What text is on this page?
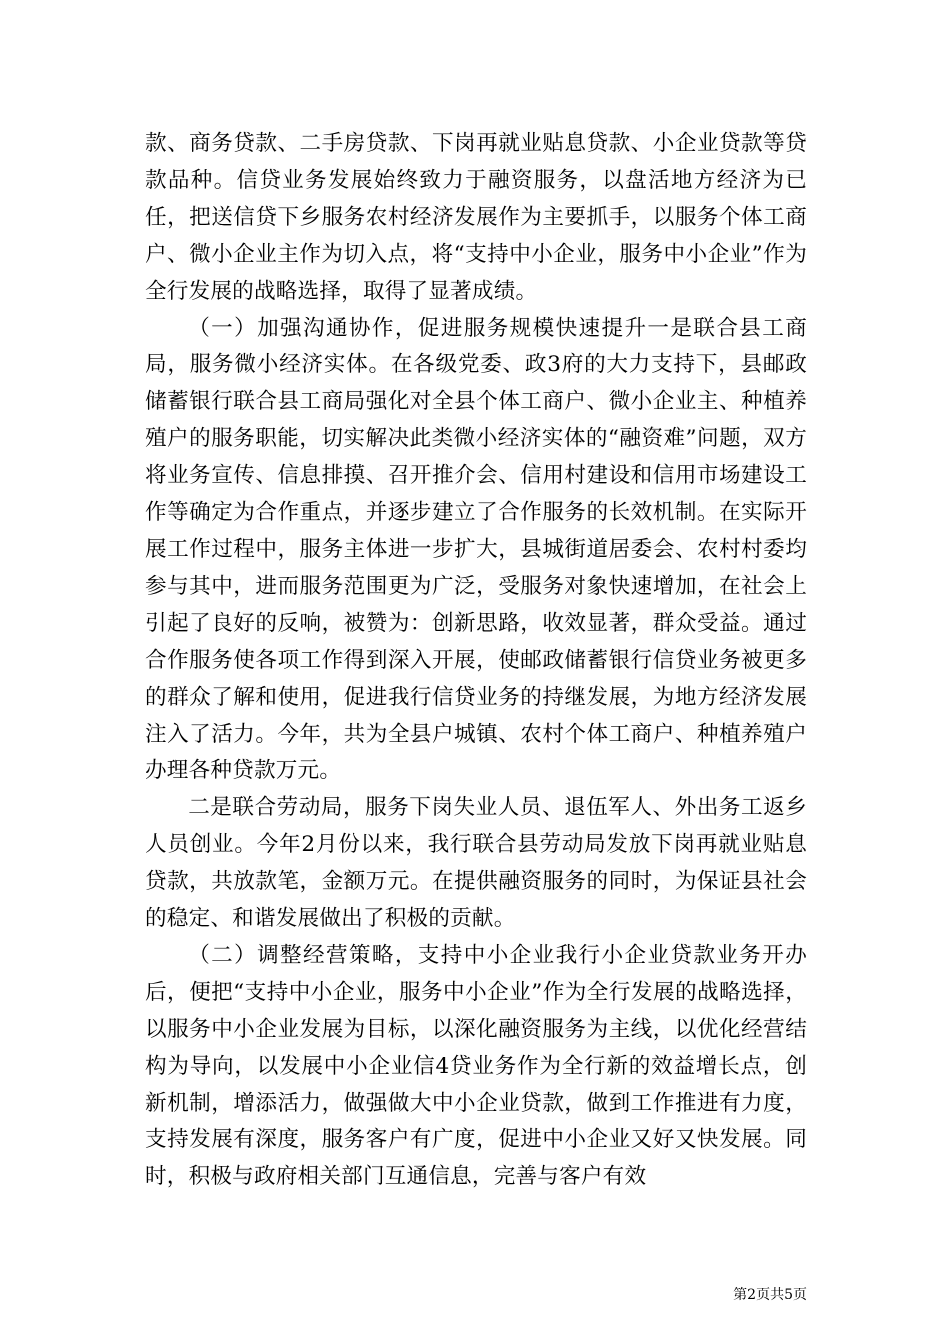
款、商务贷款、二手房贷款、下岗再就业贴息贷款、小企业贷款等贷款品种。信贷业务发展始终致力于融资服务，以盘活地方经济为已任，把送信贷下乡服务农村经济发展作为主要抓手，以服务个体工商户、微小企业主作为切入点，将“支持中小企业，服务中小企业”作为全行发展的战略选择，取得了显著成绩。

（一）加强沟通协作，促进服务规模快速提升一是联合县工商局，服务微小经济实体。在各级党委、政3府的大力支持下，县邮政储蓄银行联合县工商局强化对全县个体工商户、微小企业主、种植养殖户的服务职能，切实解决此类微小经济实体的“融资难”问题，双方将业务宣传、信息排摸、召开推介会、信用村建设和信用市场建设工作等确定为合作重点，并逐步建立了合作服务的长效机制。在实际开展工作过程中，服务主体进一步扩大，县城街道居委会、农村村委均参与其中，进而服务范围更为广泛，受服务对象快速增加，在社会上引起了良好的反响，被赞为：创新思路，收效显著，群众受益。通过合作服务使各项工作得到深入开展，使邮政储蓄银行信贷业务被更多的群众了解和使用，促进我行信贷业务的持继发展，为地方经济发展注入了活力。今年，共为全县户城镇、农村个体工商户、种植养殖户办理各种贷款万元。

二是联合劳动局，服务下岗失业人员、退伍军人、外出务工返乡人员创业。今年2月份以来，我行联合县劳动局发放下岗再就业贴息贷款，共放款笔，金额万元。在提供融资服务的同时，为保证县社会的稳定、和谐发展做出了积极的贡献。

（二）调整经营策略，支持中小企业我行小企业贷款业务开办后，便把“支持中小企业，服务中小企业”作为全行发展的战略选择，以服务中小企业发展为目标，以深化融资服务为主线，以优化经营结构为导向，以发展中小企业信4贷业务作为全行新的效益增长点，创新机制，增添活力，做强做大中小企业贷款，做到工作推进有力度，支持发展有深度，服务客户有广度，促进中小企业又好又快发展。同时，积极与政府相关部门互通信息，完善与客户有效

第2页共5页
